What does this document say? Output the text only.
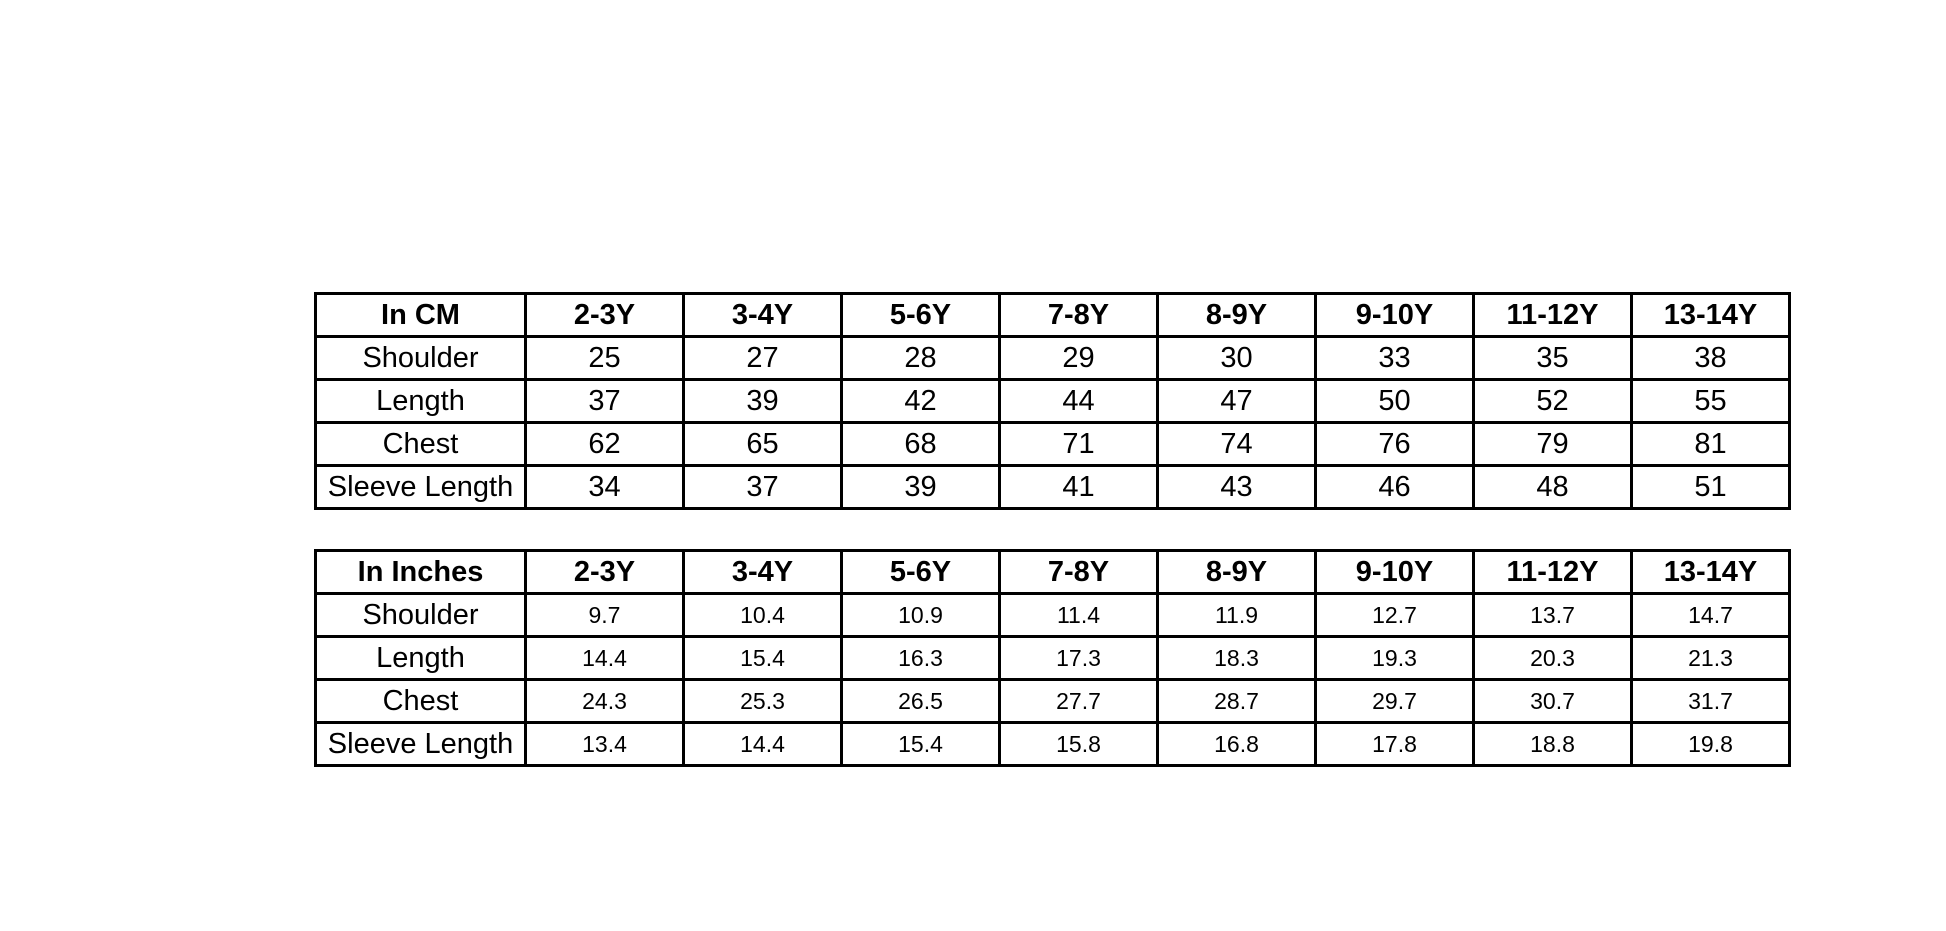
In CM	2-3Y	3-4Y	5-6Y	7-8Y	8-9Y	9-10Y	11-12Y	13-14Y
Shoulder	25	27	28	29	30	33	35	38
Length	37	39	42	44	47	50	52	55
Chest	62	65	68	71	74	76	79	81
Sleeve Length	34	37	39	41	43	46	48	51
In Inches	2-3Y	3-4Y	5-6Y	7-8Y	8-9Y	9-10Y	11-12Y	13-14Y
Shoulder	9.7	10.4	10.9	11.4	11.9	12.7	13.7	14.7
Length	14.4	15.4	16.3	17.3	18.3	19.3	20.3	21.3
Chest	24.3	25.3	26.5	27.7	28.7	29.7	30.7	31.7
Sleeve Length	13.4	14.4	15.4	15.8	16.8	17.8	18.8	19.8
